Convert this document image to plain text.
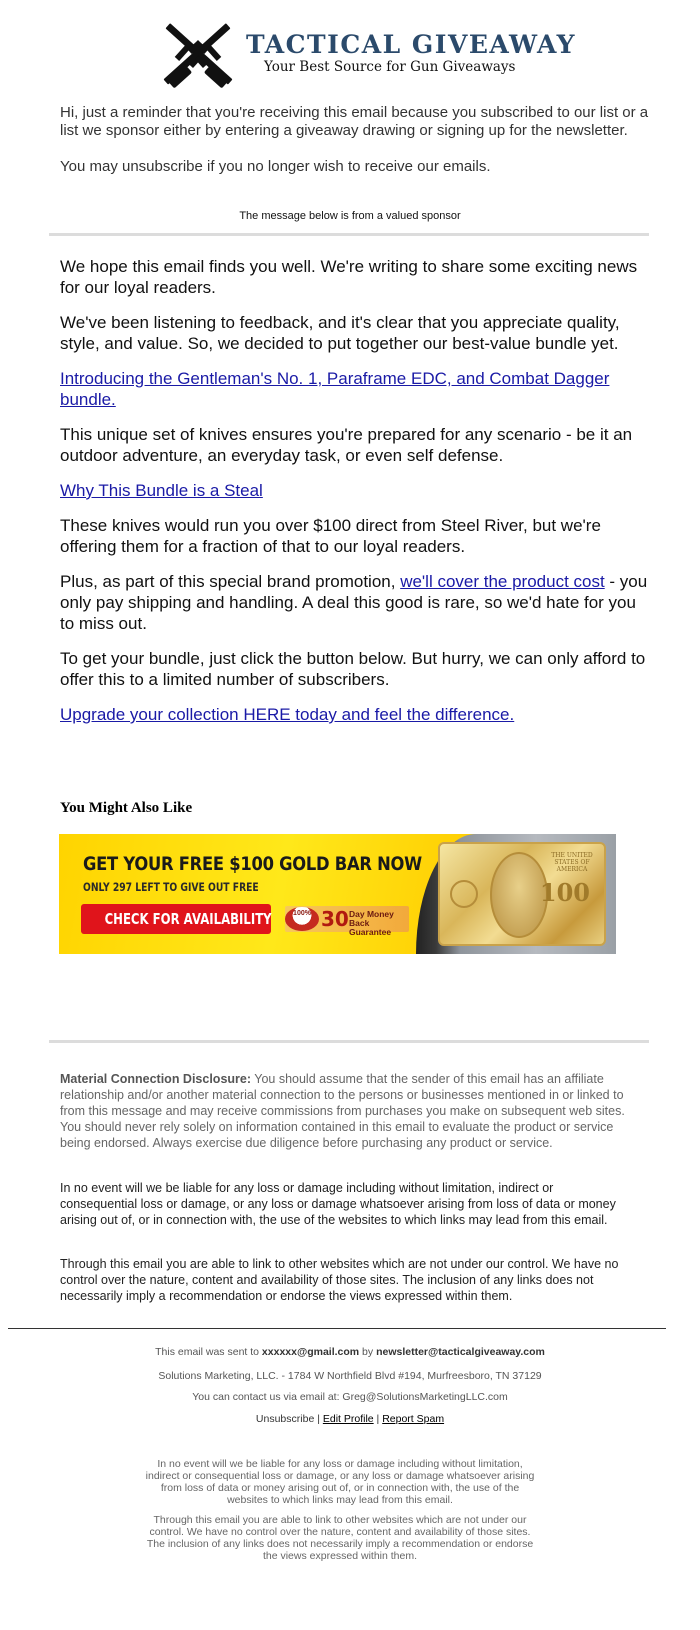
TACTICAL GIVEAWAY
Your Best Source for Gun Giveaways

Hi, just a reminder that you're receiving this email because you subscribed to our list or a list we sponsor either by entering a giveaway drawing or signing up for the newsletter.

You may unsubscribe if you no longer wish to receive our emails.

The message below is from a valued sponsor

We hope this email finds you well. We're writing to share some exciting news for our loyal readers.

We've been listening to feedback, and it's clear that you appreciate quality, style, and value. So, we decided to put together our best-value bundle yet.

Introducing the Gentleman's No. 1, Paraframe EDC, and Combat Dagger bundle.

This unique set of knives ensures you're prepared for any scenario - be it an outdoor adventure, an everyday task, or even self defense.

Why This Bundle is a Steal

These knives would run you over $100 direct from Steel River, but we're offering them for a fraction of that to our loyal readers.

Plus, as part of this special brand promotion, we'll cover the product cost - you only pay shipping and handling. A deal this good is rare, so we'd hate for you to miss out.

To get your bundle, just click the button below. But hurry, we can only afford to offer this to a limited number of subscribers.

Upgrade your collection HERE today and feel the difference.

You Might Also Like
GET YOUR FREE $100 GOLD BAR NOW
ONLY 297 LEFT TO GIVE OUT FREE
CHECK FOR AVAILABILITY	100% 30 Day Money Back
Guarantee
THE UNITED STATES OF AMERICA
100
Material Connection Disclosure: You should assume that the sender of this email has an affiliate relationship and/or another material connection to the persons or businesses mentioned in or linked to from this message and may receive commissions from purchases you make on subsequent web sites. You should never rely solely on information contained in this email to evaluate the product or service being endorsed. Always exercise due diligence before purchasing any product or service.
In no event will we be liable for any loss or damage including without limitation, indirect or consequential loss or damage, or any loss or damage whatsoever arising from loss of data or money arising out of, or in connection with, the use of the websites to which links may lead from this email.
Through this email you are able to link to other websites which are not under our control. We have no control over the nature, content and availability of those sites. The inclusion of any links does not necessarily imply a recommendation or endorse the views expressed within them.
This email was sent to xxxxxx@gmail.com by newsletter@tacticalgiveaway.com
Solutions Marketing, LLC. - 1784 W Northfield Blvd #194, Murfreesboro, TN 37129
You can contact us via email at: Greg@SolutionsMarketingLLC.com
Unsubscribe | Edit Profile | Report Spam
In no event will we be liable for any loss or damage including without limitation, indirect or consequential loss or damage, or any loss or damage whatsoever arising from loss of data or money arising out of, or in connection with, the use of the websites to which links may lead from this email.
Through this email you are able to link to other websites which are not under our control. We have no control over the nature, content and availability of those sites. The inclusion of any links does not necessarily imply a recommendation or endorse the views expressed within them.
